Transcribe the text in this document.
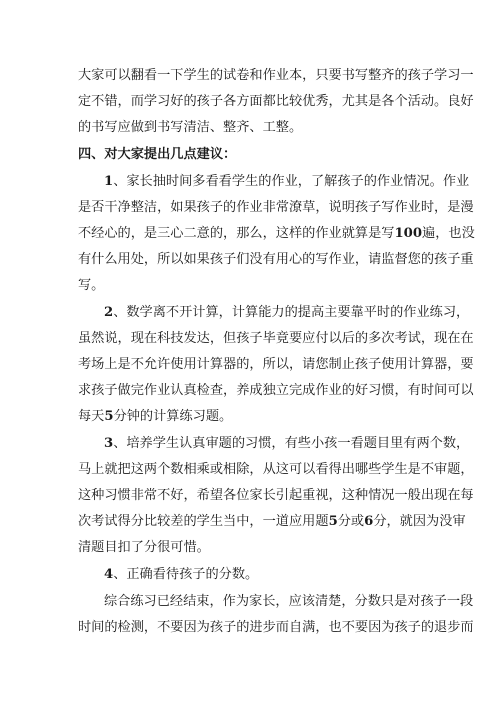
大家可以翻看一下学生的试卷和作业本，只要书写整齐的孩子学习一
定不错，而学习好的孩子各方面都比较优秀，尤其是各个活动。良好
的书写应做到书写清洁、整齐、工整。
四、对大家提出几点建议：
1、家长抽时间多看看学生的作业，了解孩子的作业情况。作业
是否干净整洁，如果孩子的作业非常潦草，说明孩子写作业时，是漫
不经心的，是三心二意的，那么，这样的作业就算是写100遍，也没
有什么用处，所以如果孩子们没有用心的写作业，请监督您的孩子重
写。
2、数学离不开计算，计算能力的提高主要靠平时的作业练习，
虽然说，现在科技发达，但孩子毕竟要应付以后的多次考试，现在在
考场上是不允许使用计算器的，所以，请您制止孩子使用计算器，要
求孩子做完作业认真检查，养成独立完成作业的好习惯，有时间可以
每天5分钟的计算练习题。
3、培养学生认真审题的习惯，有些小孩一看题目里有两个数，
马上就把这两个数相乘或相除，从这可以看得出哪些学生是不审题，
这种习惯非常不好，希望各位家长引起重视，这种情况一般出现在每
次考试得分比较差的学生当中，一道应用题5分或6分，就因为没审
清题目扣了分很可惜。
4、正确看待孩子的分数。
综合练习已经结束，作为家长，应该清楚，分数只是对孩子一段
时间的检测，不要因为孩子的进步而自满，也不要因为孩子的退步而
